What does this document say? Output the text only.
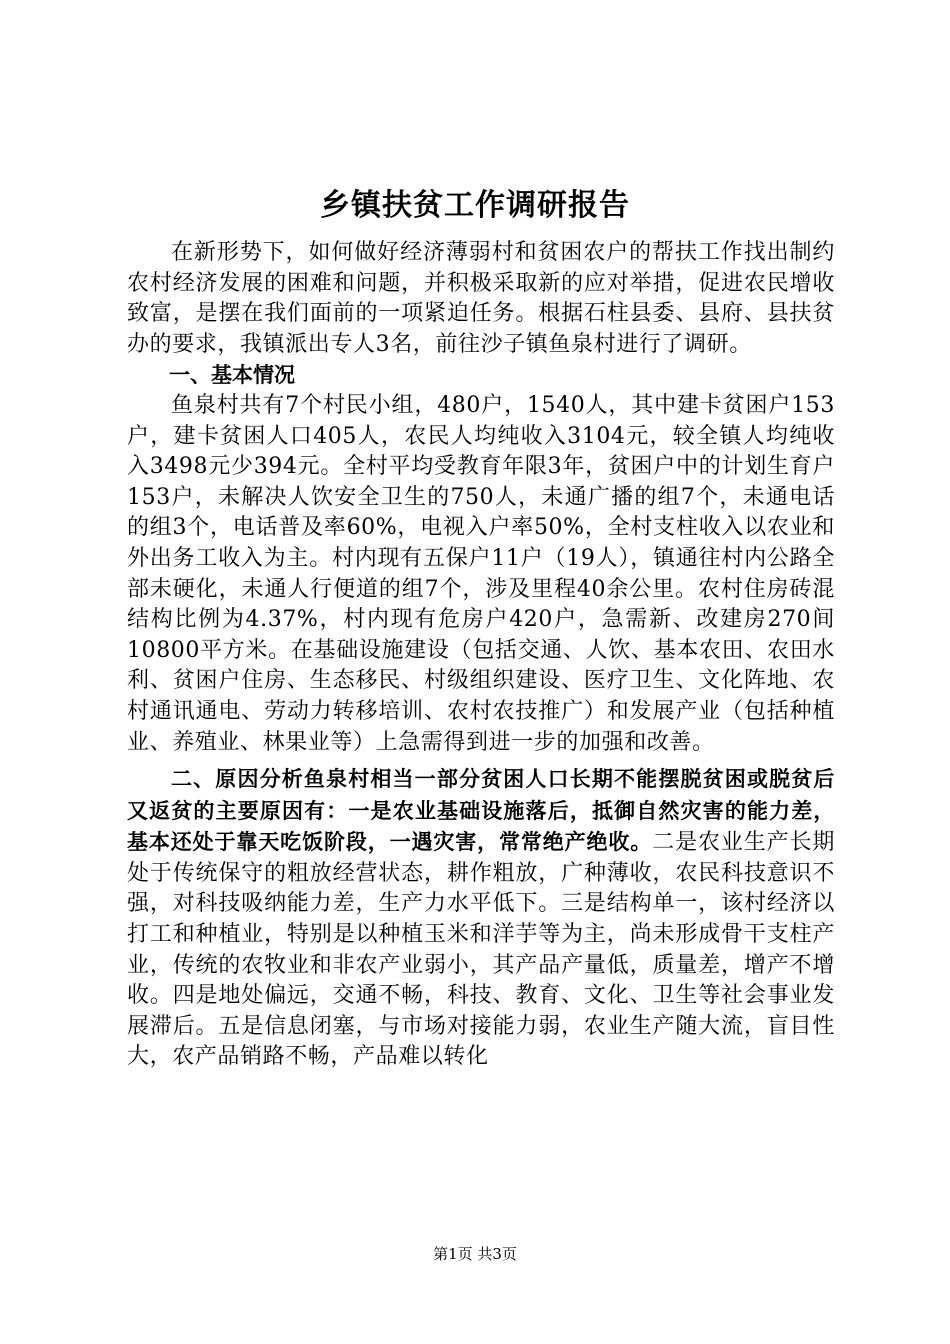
乡镇扶贫工作调研报告

在新形势下，如何做好经济薄弱村和贫困农户的帮扶工作找出制约农村经济发展的困难和问题，并积极采取新的应对举措，促进农民增收致富，是摆在我们面前的一项紧迫任务。根据石柱县委、县府、县扶贫办的要求，我镇派出专人3名，前往沙子镇鱼泉村进行了调研。

一、基本情况

鱼泉村共有7个村民小组，480户，1540人，其中建卡贫困户153户，建卡贫困人口405人，农民人均纯收入3104元，较全镇人均纯收入3498元少394元。全村平均受教育年限3年，贫困户中的计划生育户153户，未解决人饮安全卫生的750人，未通广播的组7个，未通电话的组3个，电话普及率60%，电视入户率50%，全村支柱收入以农业和外出务工收入为主。村内现有五保户11户（19人），镇通往村内公路全部未硬化，未通人行便道的组7个，涉及里程40余公里。农村住房砖混结构比例为4.37%，村内现有危房户420户，急需新、改建房270间10800平方米。在基础设施建设（包括交通、人饮、基本农田、农田水利、贫困户住房、生态移民、村级组织建设、医疗卫生、文化阵地、农村通讯通电、劳动力转移培训、农村农技推广）和发展产业（包括种植业、养殖业、林果业等）上急需得到进一步的加强和改善。

二、原因分析鱼泉村相当一部分贫困人口长期不能摆脱贫困或脱贫后又返贫的主要原因有：一是农业基础设施落后，抵御自然灾害的能力差，基本还处于靠天吃饭阶段，一遇灾害，常常绝产绝收。二是农业生产长期处于传统保守的粗放经营状态，耕作粗放，广种薄收，农民科技意识不强，对科技吸纳能力差，生产力水平低下。三是结构单一，该村经济以打工和种植业，特别是以种植玉米和洋芋等为主，尚未形成骨干支柱产业，传统的农牧业和非农产业弱小，其产品产量低，质量差，增产不增收。四是地处偏远，交通不畅，科技、教育、文化、卫生等社会事业发展滞后。五是信息闭塞，与市场对接能力弱，农业生产随大流，盲目性大，农产品销路不畅，产品难以转化

第1页 共3页
